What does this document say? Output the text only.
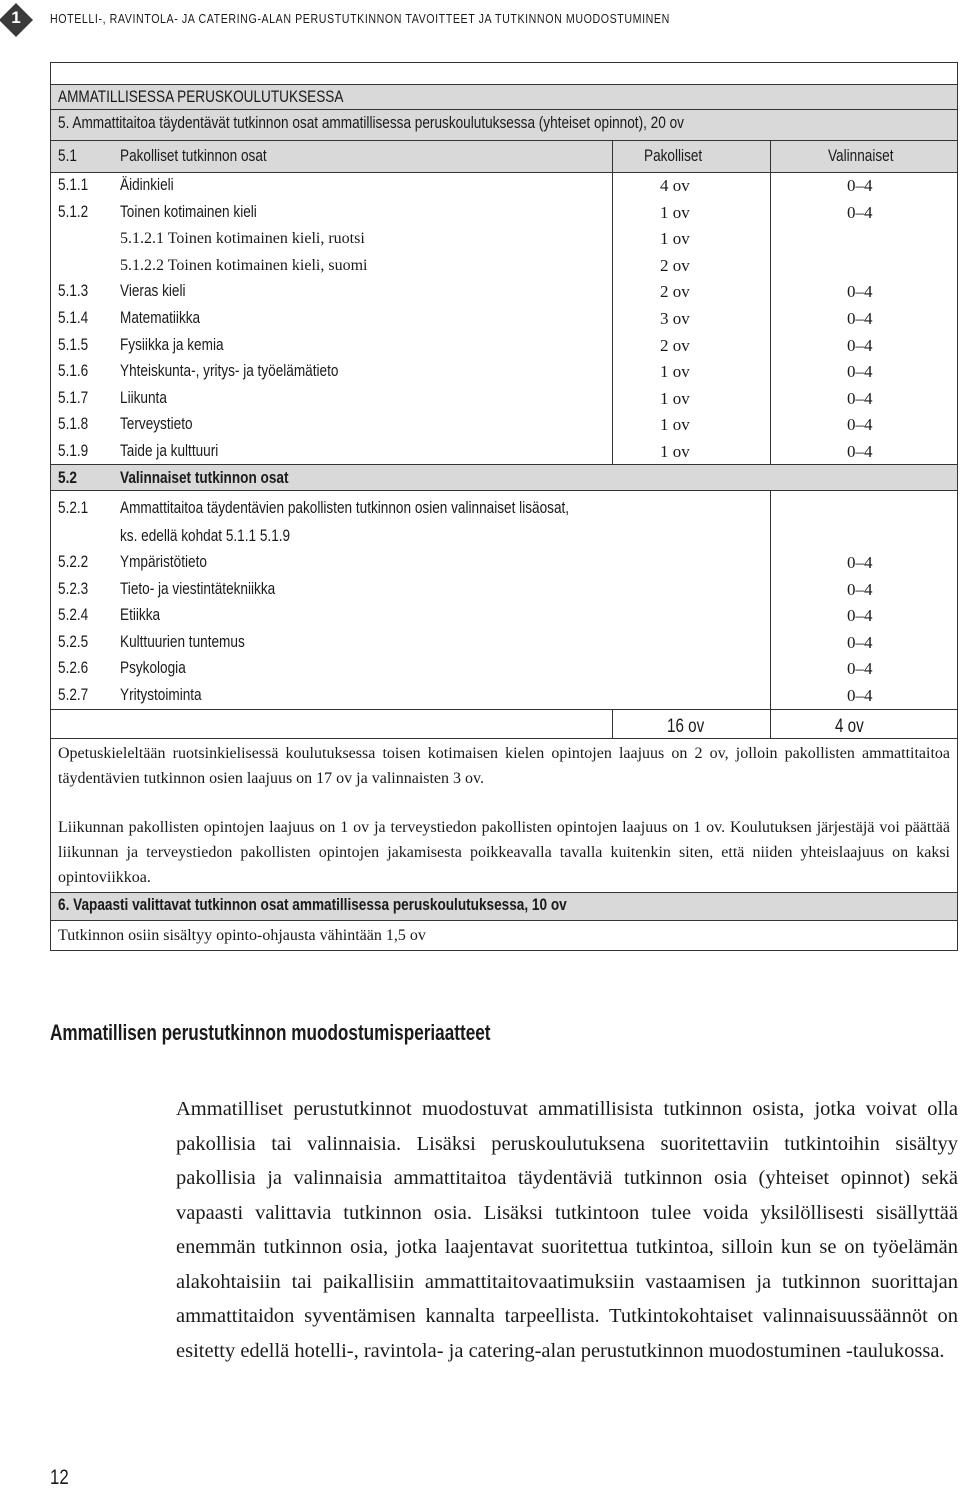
1	HOTELLI-, RAVINTOLA- JA CATERING-ALAN PERUSTUTKINNON TAVOITTEET JA TUTKINNON MUODOSTUMINEN
AMMATILLISESSA PERUSKOULUTUKSESSA
5. Ammattitaitoa täydentävät tutkinnon osat ammatillisessa peruskoulutuksessa (yhteiset opinnot), 20 ov
5.1	Pakolliset tutkinnon osat	Pakolliset	Valinnaiset
5.1.1 Äidinkieli	4 ov	0–4
5.1.2 Toinen kotimainen kieli	1 ov	0–4
5.1.2.1 Toinen kotimainen kieli, ruotsi	1 ov
5.1.2.2 Toinen kotimainen kieli, suomi	2 ov
5.1.3 Vieras kieli	2 ov	0–4
5.1.4 Matematiikka	3 ov	0–4
5.1.5 Fysiikka ja kemia	2 ov	0–4
5.1.6 Yhteiskunta-, yritys- ja työelämätieto	1 ov	0–4
5.1.7 Liikunta	1 ov	0–4
5.1.8 Terveystieto	1 ov	0–4
5.1.9 Taide ja kulttuuri	1 ov	0–4
5.2	Valinnaiset tutkinnon osat
5.2.1 Ammattitaitoa täydentävien pakollisten tutkinnon osien valinnaiset lisäosat,
ks. edellä kohdat 5.1.1 5.1.9
5.2.2 Ympäristötieto	0–4
5.2.3 Tieto- ja viestintätekniikka	0–4
5.2.4 Etiikka	0–4
5.2.5 Kulttuurien tuntemus	0–4
5.2.6 Psykologia	0–4
5.2.7 Yritystoiminta	0–4
16 ov	4 ov
Opetuskieleltään ruotsinkielisessä koulutuksessa toisen kotimaisen kielen opintojen laajuus on 2 ov, jolloin pakollisten ammattitaitoa täydentävien tutkinnon osien laajuus on 17 ov ja valinnaisten 3 ov.
Liikunnan pakollisten opintojen laajuus on 1 ov ja terveystiedon pakollisten opintojen laajuus on 1 ov. Koulutuksen järjestäjä voi päättää liikunnan ja terveystiedon pakollisten opintojen jakamisesta poikkeavalla tavalla kuitenkin siten, että niiden yhteislaajuus on kaksi opintoviikkoa.
6. Vapaasti valittavat tutkinnon osat ammatillisessa peruskoulutuksessa, 10 ov
Tutkinnon osiin sisältyy opinto-ohjausta vähintään 1,5 ov
Ammatillisen perustutkinnon muodostumisperiaatteet
Ammatilliset perustutkinnot muodostuvat ammatillisista tutkinnon osista, jotka voivat olla pakollisia tai valinnaisia. Lisäksi peruskoulutuksena suoritettaviin tutkintoihin sisältyy pakollisia ja valinnaisia ammattitaitoa täydentäviä tutkinnon osia (yhteiset opinnot) sekä vapaasti valittavia tutkinnon osia. Lisäksi tutkintoon tulee voida yksilöllisesti sisällyttää enemmän tutkinnon osia, jotka laajentavat suoritettua tutkintoa, silloin kun se on työelämän alakohtaisiin tai paikallisiin ammattitaitovaatimuksiin vastaamisen ja tutkinnon suorittajan ammattitaidon syventämisen kannalta tarpeellista. Tutkintokohtaiset valinnaisuussäännöt on esitetty edellä hotelli-, ravintola- ja catering-alan perustutkinnon muodostuminen -taulukossa.
12
